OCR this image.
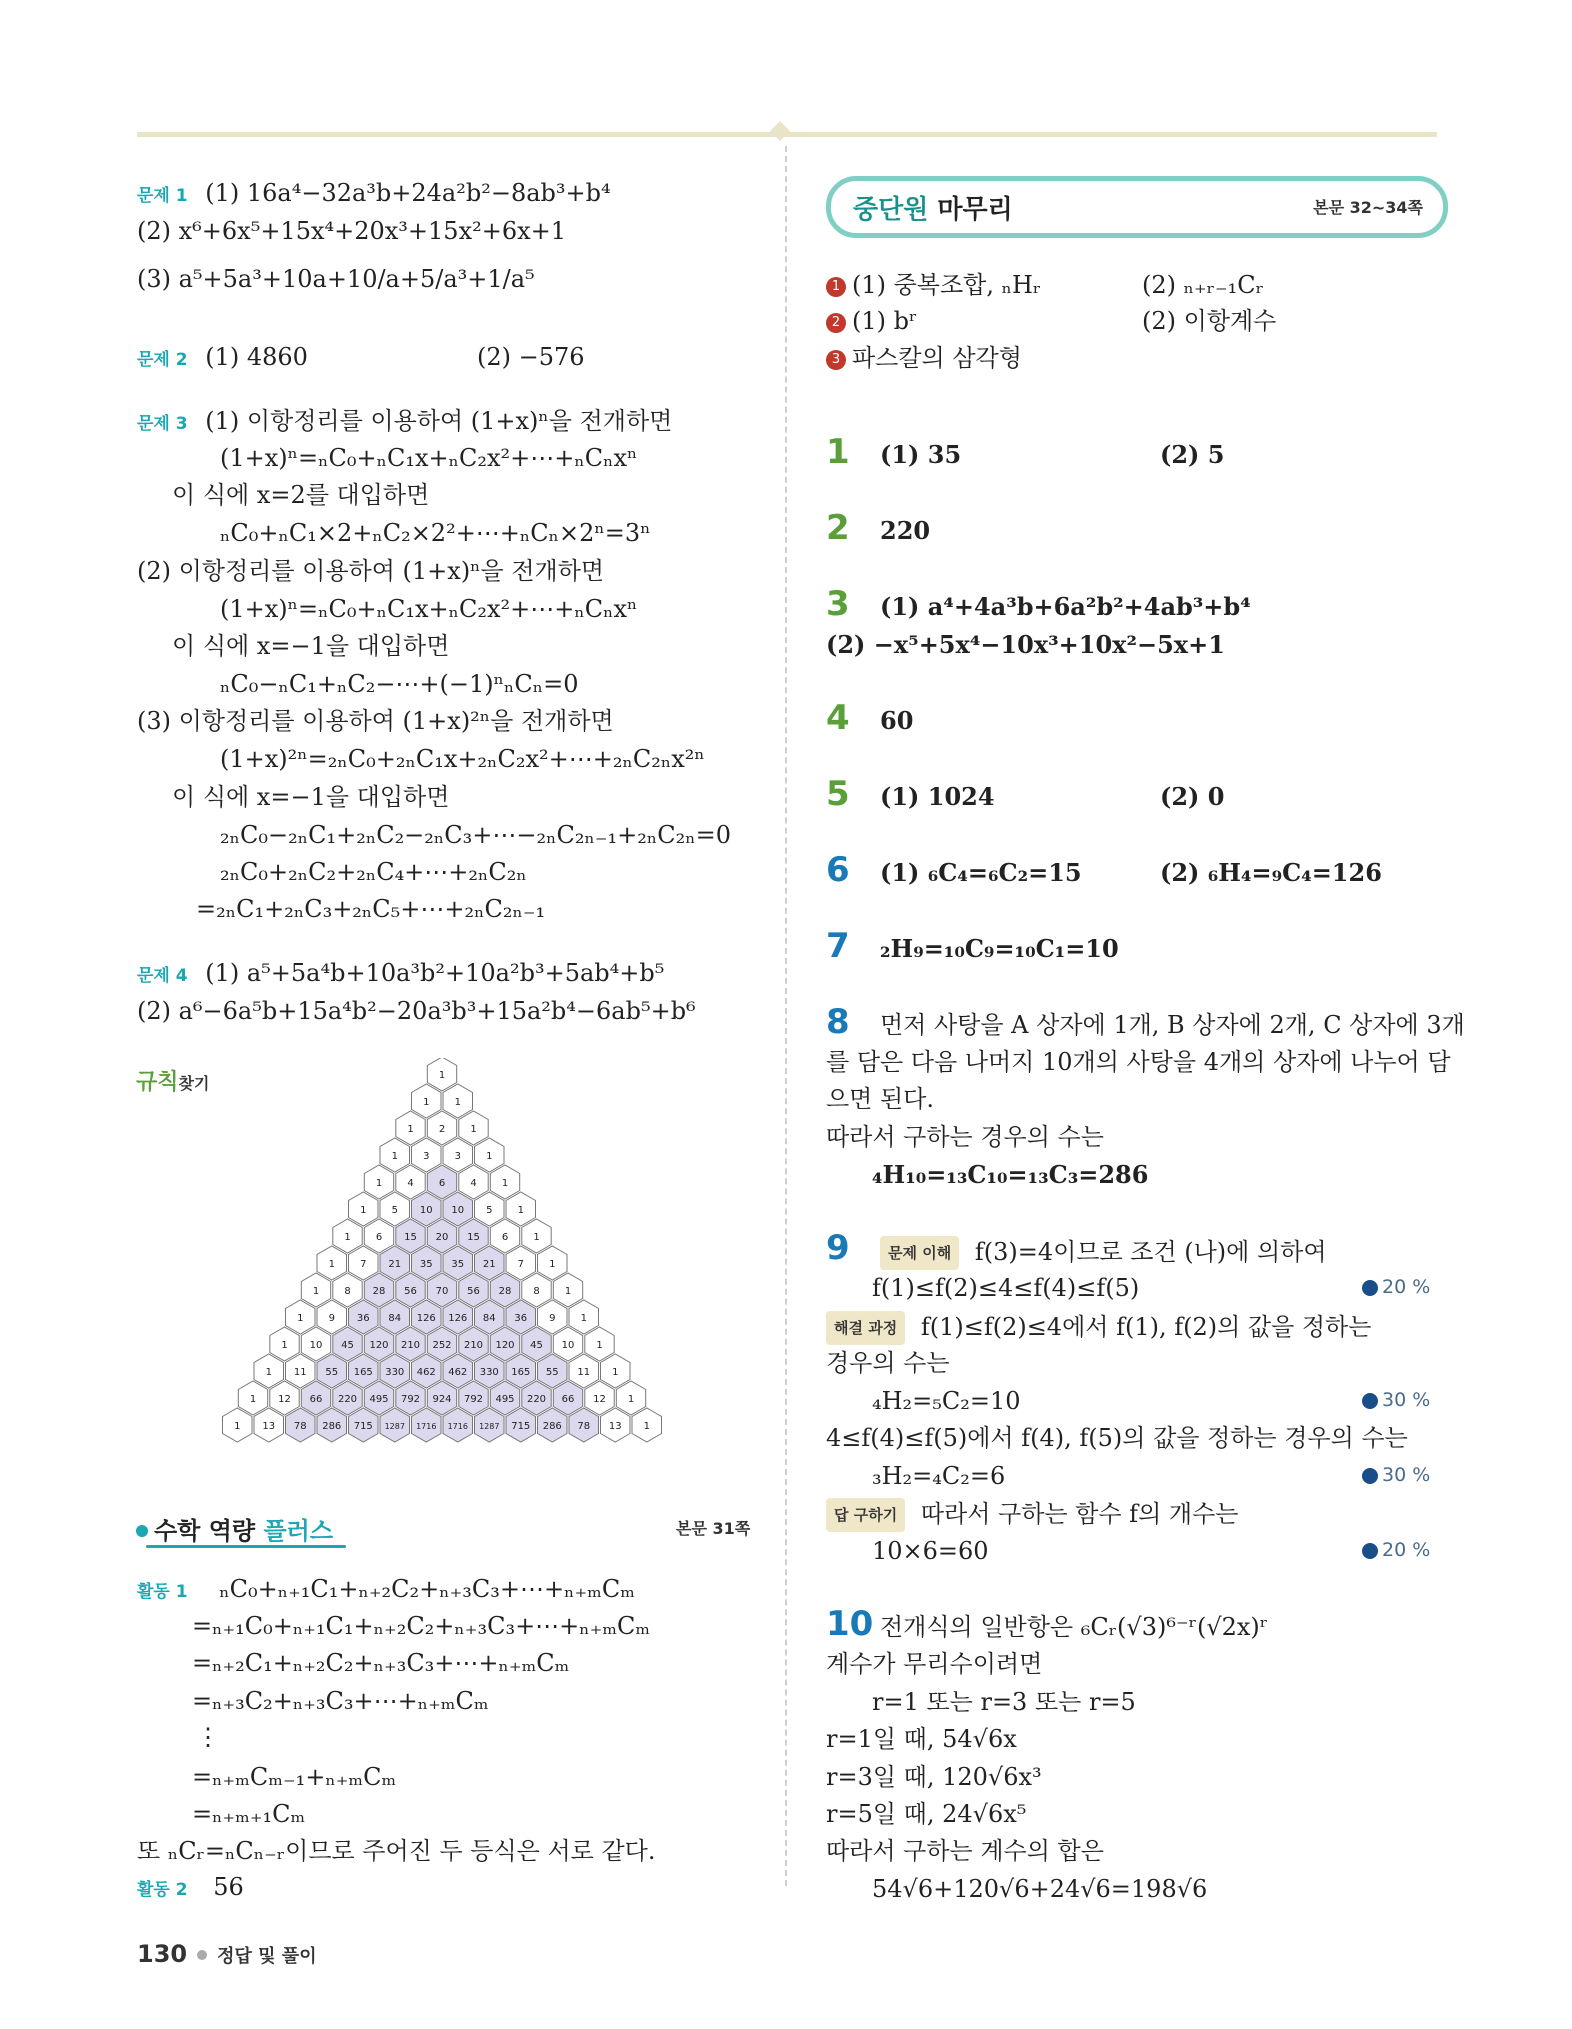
문제 1 (1) 16a⁴−32a³b+24a²b²−8ab³+b⁴
(2) x⁶+6x⁵+15x⁴+20x³+15x²+6x+1
(3) a⁵+5a³+10a+10/a+5/a³+1/a⁵
문제 2 (1) 4860	(2) −576
문제 3 (1) 이항정리를 이용하여 (1+x)ⁿ을 전개하면
(1+x)ⁿ=ₙC₀+ₙC₁x+ₙC₂x²+⋯+ₙCₙxⁿ
이 식에 x=2를 대입하면
ₙC₀+ₙC₁×2+ₙC₂×2²+⋯+ₙCₙ×2ⁿ=3ⁿ
(2) 이항정리를 이용하여 (1+x)ⁿ을 전개하면
(1+x)ⁿ=ₙC₀+ₙC₁x+ₙC₂x²+⋯+ₙCₙxⁿ
이 식에 x=−1을 대입하면
ₙC₀−ₙC₁+ₙC₂−⋯+(−1)ⁿₙCₙ=0
(3) 이항정리를 이용하여 (1+x)²ⁿ을 전개하면
(1+x)²ⁿ=₂ₙC₀+₂ₙC₁x+₂ₙC₂x²+⋯+₂ₙC₂ₙx²ⁿ
이 식에 x=−1을 대입하면
₂ₙC₀−₂ₙC₁+₂ₙC₂−₂ₙC₃+⋯−₂ₙC₂ₙ₋₁+₂ₙC₂ₙ=0
₂ₙC₀+₂ₙC₂+₂ₙC₄+⋯+₂ₙC₂ₙ
=₂ₙC₁+₂ₙC₃+₂ₙC₅+⋯+₂ₙC₂ₙ₋₁
문제 4 (1) a⁵+5a⁴b+10a³b²+10a²b³+5ab⁴+b⁵
(2) a⁶−6a⁵b+15a⁴b²−20a³b³+15a²b⁴−6ab⁵+b⁶
규칙찾기	1
1	1
1	2	1
1	3	3	1
1	4	6	4	1
1	5 10 10 5	1
1	6 15 20 15 6	1
1	7 21 35 35 21 7	1
1	8 28 56 70 56 28 8	1
1	9 36 84 126 126 84 36 9	1
1 10 45 120 210 252 210 120 45 10 1
1 11 55 165 330 462 462 330 165 55 11 1
1 12 66 220 495 792 924 792 495 220 66 12 1
1 13 78 286 715 1287 1716 1716 1287 715 286 78 13 1
수학 역량 플러스	본문 31쪽
활동 1 ₙC₀+ₙ₊₁C₁+ₙ₊₂C₂+ₙ₊₃C₃+⋯+ₙ₊ₘCₘ
=ₙ₊₁C₀+ₙ₊₁C₁+ₙ₊₂C₂+ₙ₊₃C₃+⋯+ₙ₊ₘCₘ
=ₙ₊₂C₁+ₙ₊₂C₂+ₙ₊₃C₃+⋯+ₙ₊ₘCₘ
=ₙ₊₃C₂+ₙ₊₃C₃+⋯+ₙ₊ₘCₘ
⋮
=ₙ₊ₘCₘ₋₁+ₙ₊ₘCₘ
=ₙ₊ₘ₊₁Cₘ
또 ₙCᵣ=ₙCₙ₋ᵣ이므로 주어진 두 등식은 서로 같다.
활동 2 56
중단원 마무리	본문 32~34쪽
1 (1) 중복조합, ₙHᵣ	(2) ₙ₊ᵣ₋₁Cᵣ
2 (1) bʳ	(2) 이항계수
3 파스칼의 삼각형
1 (1) 35	(2) 5
2 220
3 (1) a⁴+4a³b+6a²b²+4ab³+b⁴
(2) −x⁵+5x⁴−10x³+10x²−5x+1
4 60
5 (1) 1024	(2) 0
6 (1) ₆C₄=₆C₂=15	(2) ₆H₄=₉C₄=126
7 ₂H₉=₁₀C₉=₁₀C₁=10
8 먼저 사탕을 A 상자에 1개, B 상자에 2개, C 상자에 3개
를 담은 다음 나머지 10개의 사탕을 4개의 상자에 나누어 담
으면 된다.
따라서 구하는 경우의 수는
₄H₁₀=₁₃C₁₀=₁₃C₃=286
9	문제 이해 f(3)=4이므로 조건 (나)에 의하여
f(1)≤f(2)≤4≤f(4)≤f(5)	20 %
해결 과정 f(1)≤f(2)≤4에서 f(1), f(2)의 값을 정하는
경우의 수는
₄H₂=₅C₂=10	30 %
4≤f(4)≤f(5)에서 f(4), f(5)의 값을 정하는 경우의 수는
₃H₂=₄C₂=6	30 %
답 구하기 따라서 구하는 함수 f의 개수는
10×6=60	20 %
10 전개식의 일반항은 ₆Cᵣ(√3)⁶⁻ʳ(√2x)ʳ
계수가 무리수이려면
r=1 또는 r=3 또는 r=5
r=1일 때, 54√6x
r=3일 때, 120√6x³
r=5일 때, 24√6x⁵
따라서 구하는 계수의 합은
54√6+120√6+24√6=198√6
130 정답 및 풀이
